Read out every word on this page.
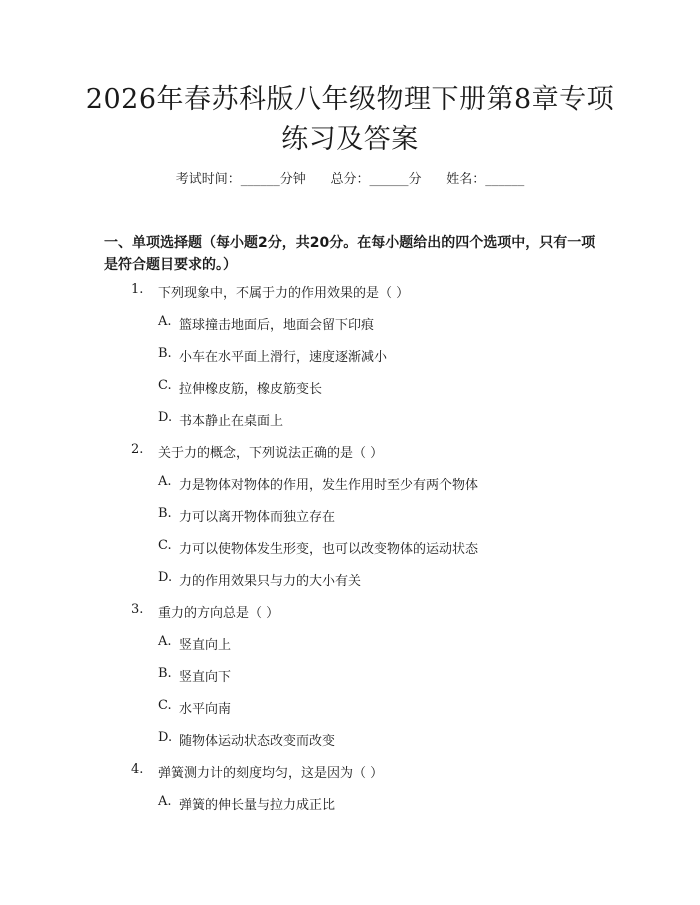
2026年春苏科版八年级物理下册第8章专项
练习及答案
考试时间：______分钟      总分：______分      姓名：______
一、单项选择题（每小题2分，共20分。在每小题给出的四个选项中，只有一项
是符合题目要求的。）
1. 下列现象中，不属于力的作用效果的是（ ）
A. 篮球撞击地面后，地面会留下印痕
B. 小车在水平面上滑行，速度逐渐减小
C. 拉伸橡皮筋，橡皮筋变长
D. 书本静止在桌面上
2. 关于力的概念，下列说法正确的是（ ）
A. 力是物体对物体的作用，发生作用时至少有两个物体
B. 力可以离开物体而独立存在
C. 力可以使物体发生形变，也可以改变物体的运动状态
D. 力的作用效果只与力的大小有关
3. 重力的方向总是（ ）
A. 竖直向上
B. 竖直向下
C. 水平向南
D. 随物体运动状态改变而改变
4. 弹簧测力计的刻度均匀，这是因为（ ）
A. 弹簧的伸长量与拉力成正比
